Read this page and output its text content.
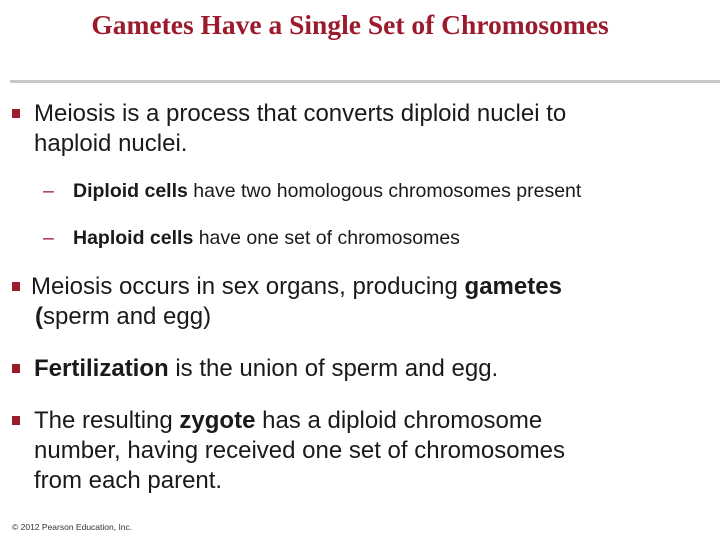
Gametes Have a Single Set of Chromosomes
Meiosis is a process that converts diploid nuclei to
haploid nuclei.
– Diploid cells have two homologous chromosomes present
– Haploid cells have one set of chromosomes
Meiosis occurs in sex organs, producing gametes
(sperm and egg)
Fertilization is the union of sperm and egg.
The resulting zygote has a diploid chromosome
number, having received one set of chromosomes
from each parent.
© 2012 Pearson Education, Inc.
